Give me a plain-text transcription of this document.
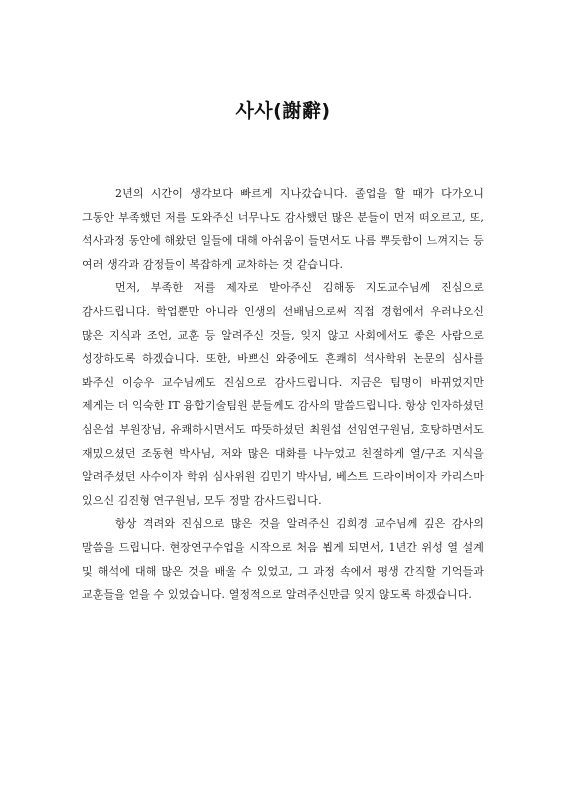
사사(謝辭)

2년의 시간이 생각보다 빠르게 지나갔습니다. 졸업을 할 때가 다가오니 그동안 부족했던 저를 도와주신 너무나도 감사했던 많은 분들이 먼저 떠오르고, 또, 석사과정 동안에 해왔던 일들에 대해 아쉬움이 들면서도 나름 뿌듯함이 느껴지는 등 여러 생각과 감정들이 복잡하게 교차하는 것 같습니다.

먼저, 부족한 저를 제자로 받아주신 김해동 지도교수님께 진심으로 감사드립니다. 학업뿐만 아니라 인생의 선배님으로써 직접 경험에서 우러나오신 많은 지식과 조언, 교훈 등 알려주신 것들, 잊지 않고 사회에서도 좋은 사람으로 성장하도록 하겠습니다. 또한, 바쁘신 와중에도 흔쾌히 석사학위 논문의 심사를 봐주신 이승우 교수님께도 진심으로 감사드립니다. 지금은 팀명이 바뀌었지만 제게는 더 익숙한 IT 융합기술팀원 분들께도 감사의 말씀드립니다. 항상 인자하셨던 심은섭 부원장님, 유쾌하시면서도 따뜻하셨던 최원섭 선임연구원님, 호탕하면서도 재밌으셨던 조동현 박사님, 저와 많은 대화를 나누었고 친절하게 열/구조 지식을 알려주셨던 사수이자 학위 심사위원 김민기 박사님, 베스트 드라이버이자 카리스마 있으신 김진형 연구원님, 모두 정말 감사드립니다.

항상 격려와 진심으로 많은 것을 알려주신 김희경 교수님께 깊은 감사의 말씀을 드립니다. 현장연구수업을 시작으로 처음 뵙게 되면서, 1년간 위성 열 설계 및 해석에 대해 많은 것을 배울 수 있었고, 그 과정 속에서 평생 간직할 기억들과 교훈들을 얻을 수 있었습니다. 열정적으로 알려주신만큼 잊지 않도록 하겠습니다.
